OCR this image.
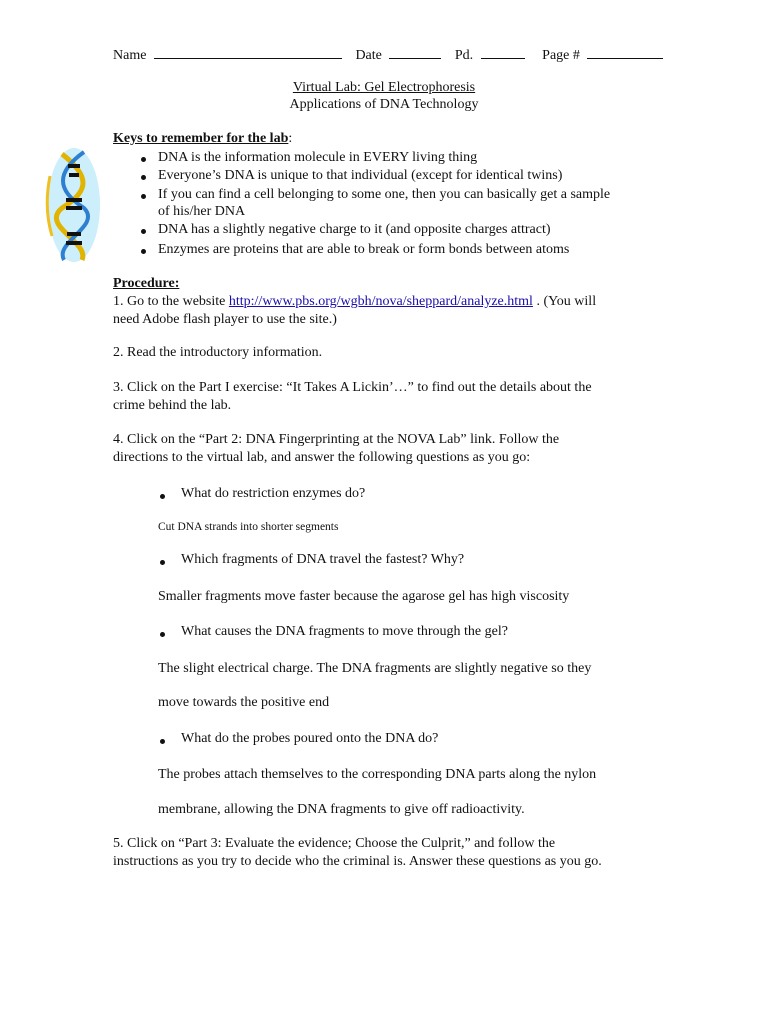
Name	Date	Pd.	Page #
Virtual Lab: Gel Electrophoresis
Applications of DNA Technology
Keys to remember for the lab:
DNA is the information molecule in EVERY living thing
Everyone’s DNA is unique to that individual (except for identical twins)
If you can find a cell belonging to some one, then you can basically get a sample
of his/her DNA
DNA has a slightly negative charge to it (and opposite charges attract)
Enzymes are proteins that are able to break or form bonds between atoms
Procedure:
1. Go to the website http://www.pbs.org/wgbh/nova/sheppard/analyze.html . (You will
need Adobe flash player to use the site.)
2. Read the introductory information.
3. Click on the Part I exercise: “It Takes A Lickin’…” to find out the details about the
crime behind the lab.
4. Click on the “Part 2: DNA Fingerprinting at the NOVA Lab” link. Follow the
directions to the virtual lab, and answer the following questions as you go:
What do restriction enzymes do?
Cut DNA strands into shorter segments
Which fragments of DNA travel the fastest? Why?
Smaller fragments move faster because the agarose gel has high viscosity
What causes the DNA fragments to move through the gel?
The slight electrical charge. The DNA fragments are slightly negative so they
move towards the positive end
What do the probes poured onto the DNA do?
The probes attach themselves to the corresponding DNA parts along the nylon
membrane, allowing the DNA fragments to give off radioactivity.
5. Click on “Part 3: Evaluate the evidence; Choose the Culprit,” and follow the
instructions as you try to decide who the criminal is. Answer these questions as you go.
